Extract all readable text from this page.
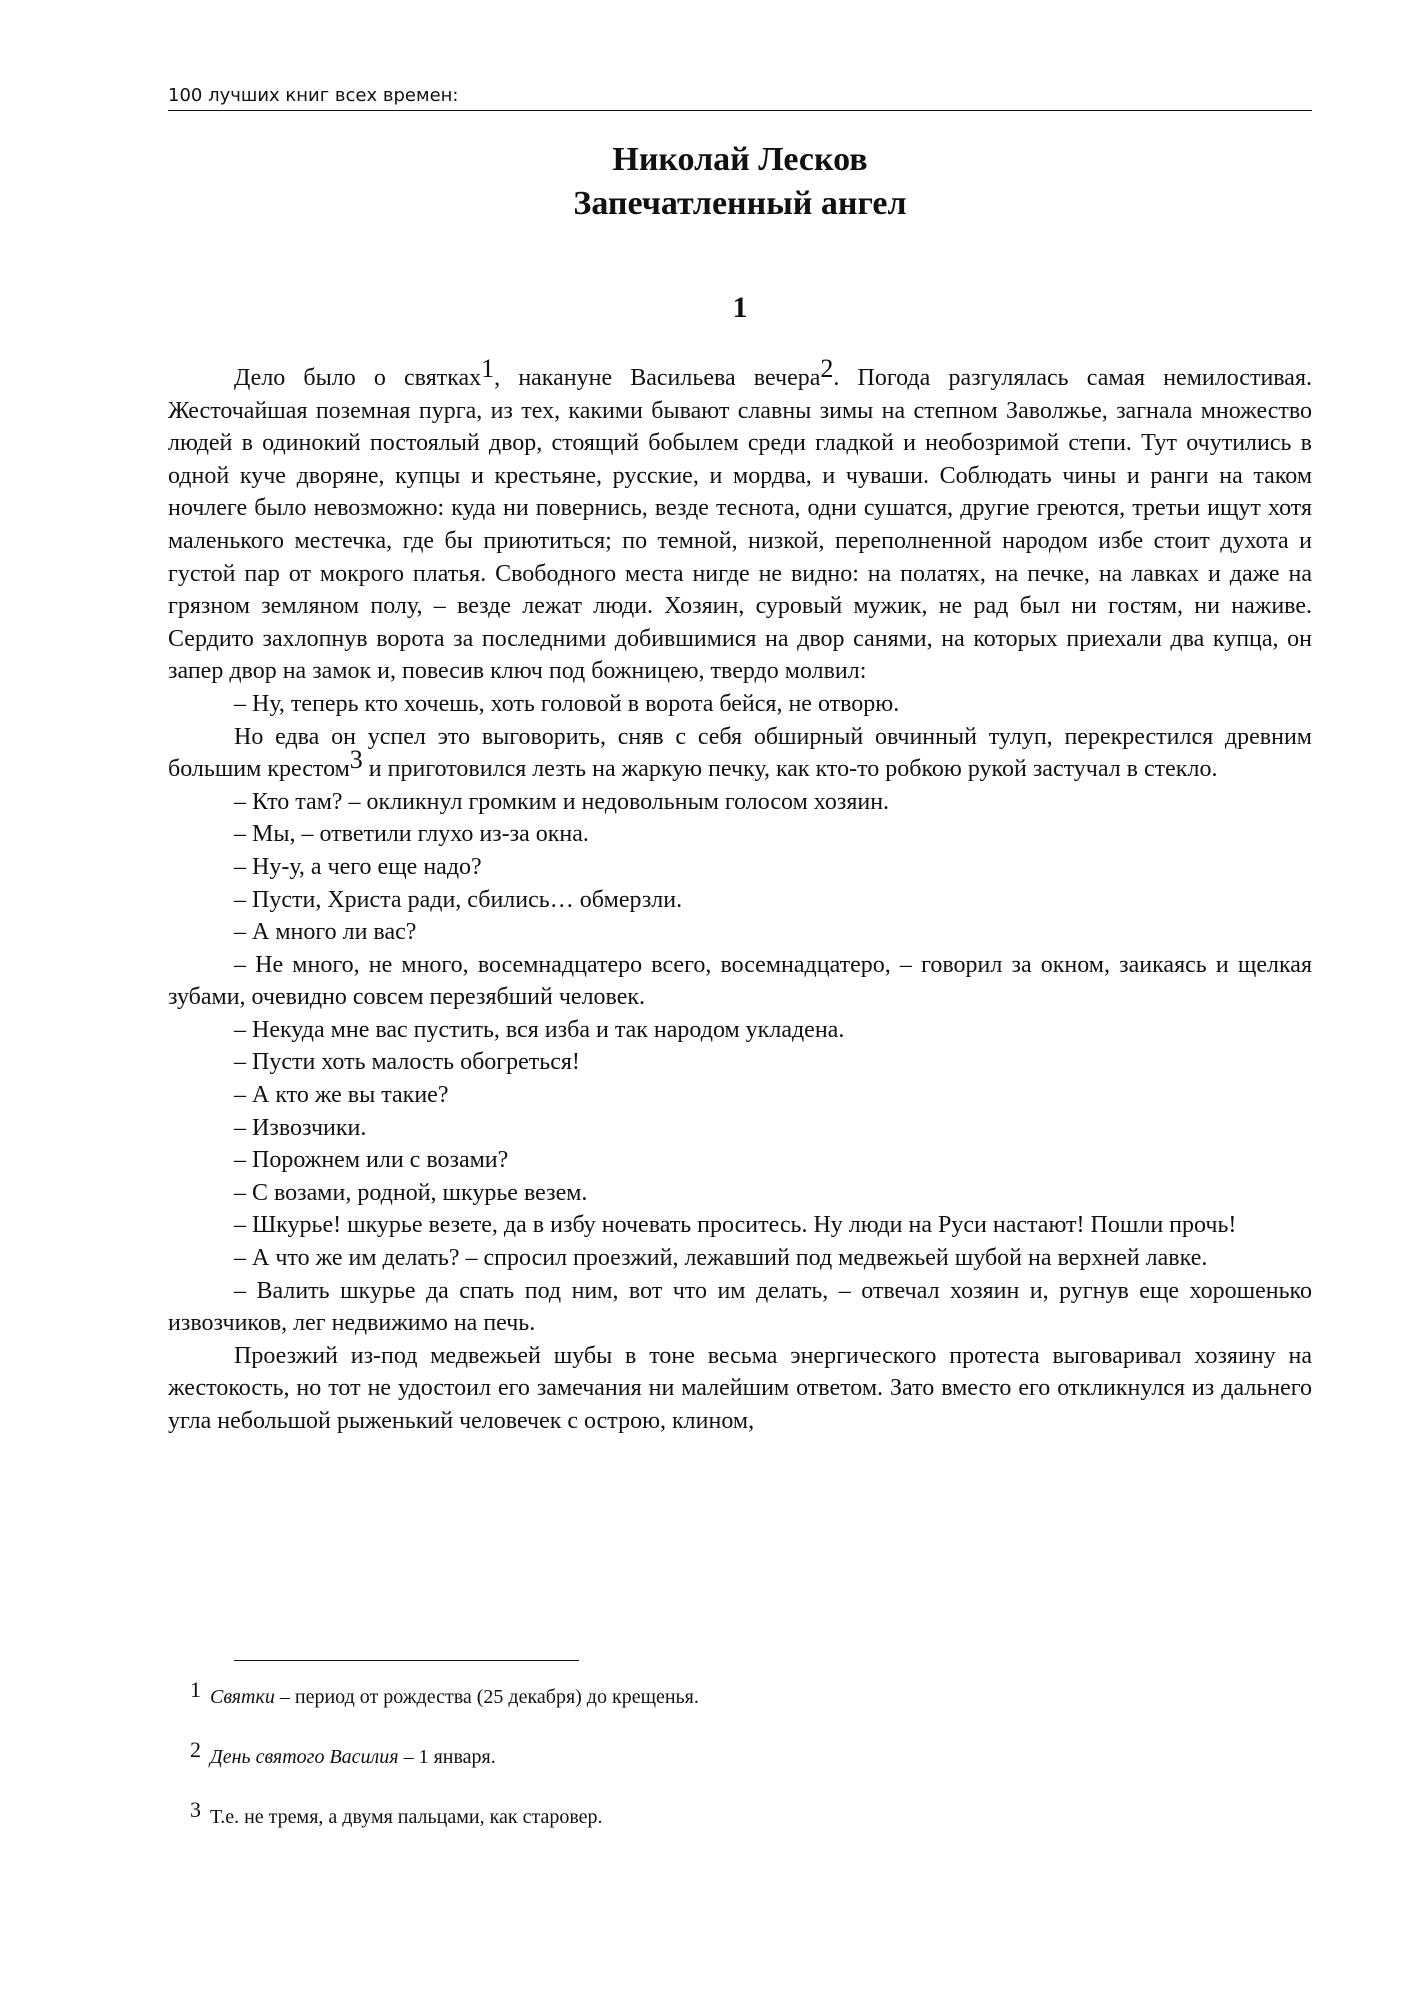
100 лучших книг всех времен:
Николай Лесков
Запечатленный ангел
1

Дело было о святках$^1$, накануне Васильева вечера$^2$. Погода разгулялась самая немилостивая. Жесточайшая поземная пурга, из тех, какими бывают славны зимы на степном Заволжье, загнала множество людей в одинокий постоялый двор, стоящий бобылем среди гладкой и необозримой степи. Тут очутились в одной куче дворяне, купцы и крестьяне, русские, и мордва, и чуваши. Соблюдать чины и ранги на таком ночлеге было невозможно: куда ни повернись, везде теснота, одни сушатся, другие греются, третьи ищут хотя маленького местечка, где бы приютиться; по темной, низкой, переполненной народом избе стоит духота и густой пар от мокрого платья. Свободного места нигде не видно: на полатях, на печке, на лавках и даже на грязном земляном полу, – везде лежат люди. Хозяин, суровый мужик, не рад был ни гостям, ни наживе. Сердито захлопнув ворота за последними добившимися на двор санями, на которых приехали два купца, он запер двор на замок и, повесив ключ под божницею, твердо молвил:

– Ну, теперь кто хочешь, хоть головой в ворота бейся, не отворю.

Но едва он успел это выговорить, сняв с себя обширный овчинный тулуп, перекрестился древним большим крестом$^3$ и приготовился лезть на жаркую печку, как кто-то робкою рукой застучал в стекло.

– Кто там? – окликнул громким и недовольным голосом хозяин.

– Мы, – ответили глухо из-за окна.

– Ну-у, а чего еще надо?

– Пусти, Христа ради, сбились… обмерзли.

– А много ли вас?

– Не много, не много, восемнадцатеро всего, восемнадцатеро, – говорил за окном, заикаясь и щелкая зубами, очевидно совсем перезябший человек.

– Некуда мне вас пустить, вся изба и так народом укладена.

– Пусти хоть малость обогреться!

– А кто же вы такие?

– Извозчики.

– Порожнем или с возами?

– С возами, родной, шкурье везем.

– Шкурье! шкурье везете, да в избу ночевать проситесь. Ну люди на Руси настают! Пошли прочь!

– А что же им делать? – спросил проезжий, лежавший под медвежьей шубой на верхней лавке.

– Валить шкурье да спать под ним, вот что им делать, – отвечал хозяин и, ругнув еще хорошенько извозчиков, лег недвижимо на печь.

Проезжий из-под медвежьей шубы в тоне весьма энергического протеста выговаривал хозяину на жестокость, но тот не удостоил его замечания ни малейшим ответом. Зато вместо его откликнулся из дальнего угла небольшой рыженький человечек с острою, клином,

1 Святки – период от рождества (25 декабря) до крещенья.
2 День святого Василия – 1 января.
3 Т.е. не тремя, а двумя пальцами, как старовер.
